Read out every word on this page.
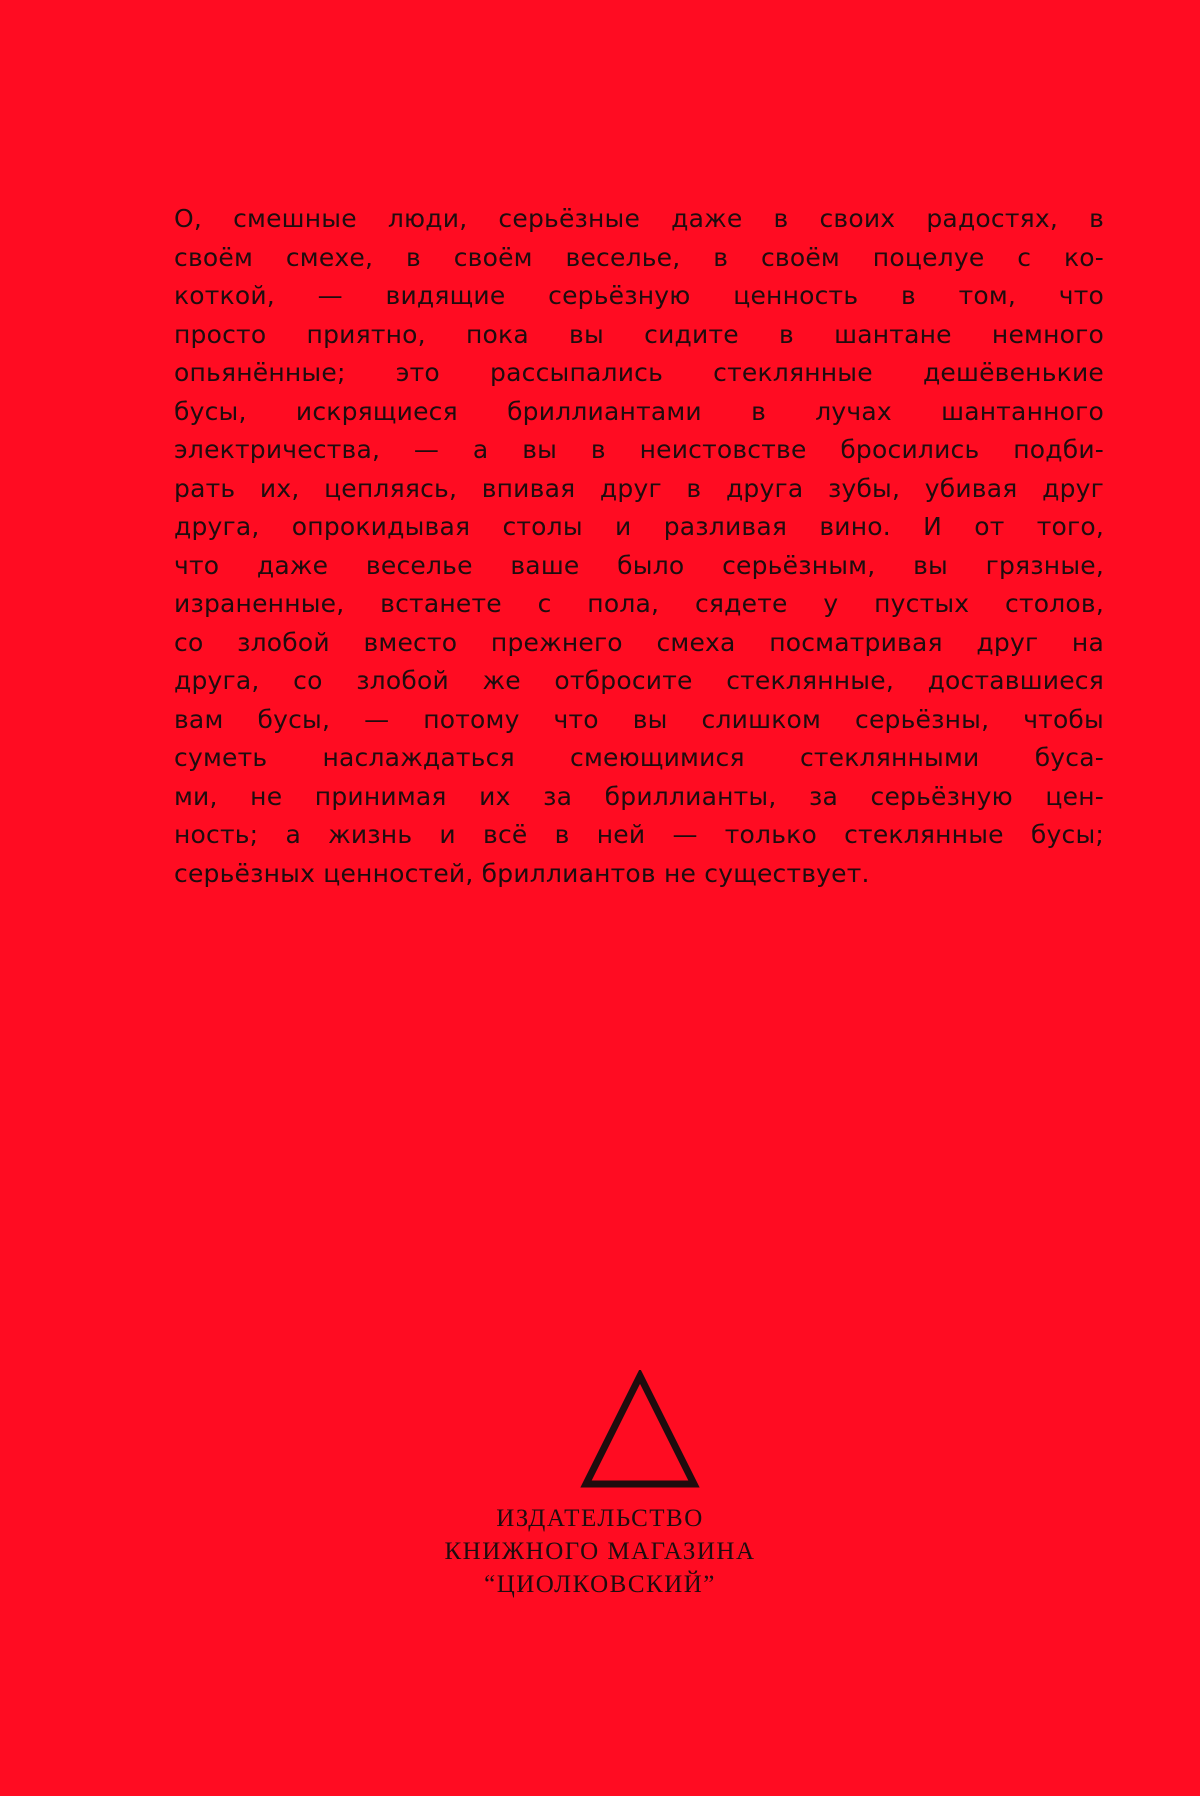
О, смешные люди, серьёзные даже в своих радостях, в
своём смехе, в своём веселье, в своём поцелуе с ко-
коткой, — видящие серьёзную ценность в том, что
просто приятно, пока вы сидите в шантане немного
опьянённые; это рассыпались стеклянные дешёвенькие
бусы, искрящиеся бриллиантами в лучах шантанного
электричества, — а вы в неистовстве бросились подби-
рать их, цепляясь, впивая друг в друга зубы, убивая друг
друга, опрокидывая столы и разливая вино. И от того,
что даже веселье ваше было серьёзным, вы грязные,
израненные, встанете с пола, сядете у пустых столов,
со злобой вместо прежнего смеха посматривая друг на
друга, со злобой же отбросите стеклянные, доставшиеся
вам бусы, — потому что вы слишком серьёзны, чтобы
суметь наслаждаться смеющимися стеклянными буса-
ми, не принимая их за бриллианты, за серьёзную цен-
ность; а жизнь и всё в ней — только стеклянные бусы;
серьёзных ценностей, бриллиантов не существует.
ИЗДАТЕЛЬСТВО
КНИЖНОГО МАГАЗИНА
“ЦИОЛКОВСКИЙ”
